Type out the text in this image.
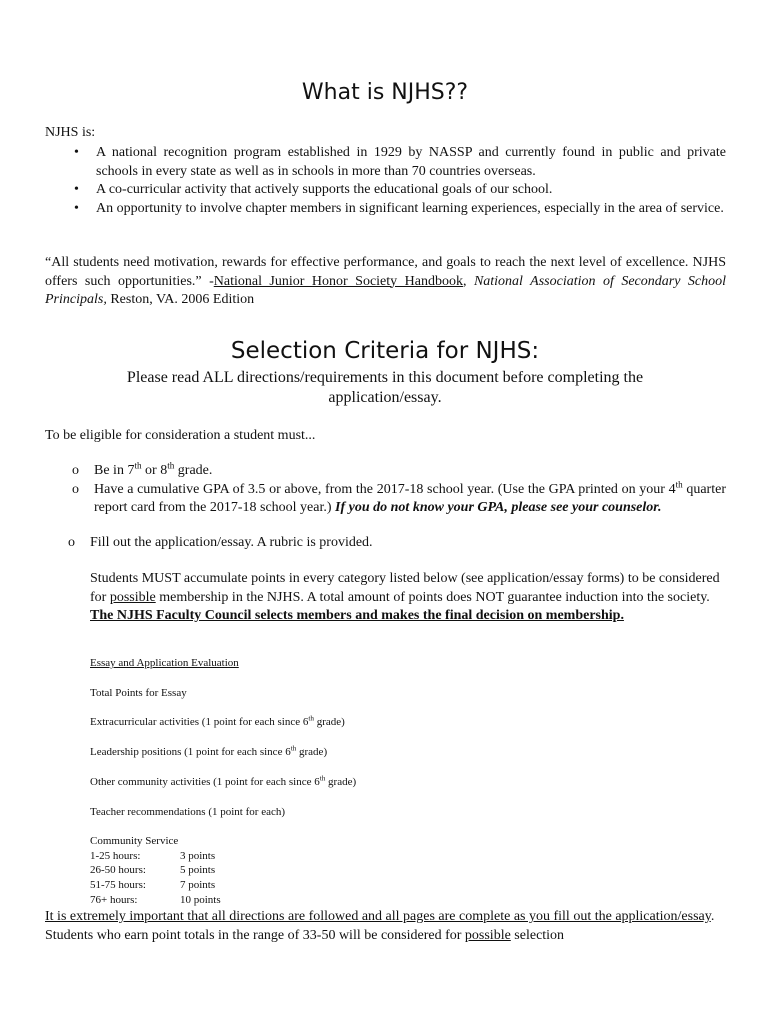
What is NJHS??
NJHS is:
• A national recognition program established in 1929 by NASSP and currently found in public and private schools in every state as well as in schools in more than 70 countries overseas.
• A co-curricular activity that actively supports the educational goals of our school.
• An opportunity to involve chapter members in significant learning experiences, especially in the area of service.
“All students need motivation, rewards for effective performance, and goals to reach the next level of excellence. NJHS offers such opportunities.” -National Junior Honor Society Handbook, National Association of Secondary School Principals, Reston, VA. 2006 Edition
Selection Criteria for NJHS:
Please read ALL directions/requirements in this document before completing the application/essay.
To be eligible for consideration a student must...
o Be in 7th or 8th grade.
o Have a cumulative GPA of 3.5 or above, from the 2017-18 school year. (Use the GPA printed on your 4th quarter report card from the 2017-18 school year.) If you do not know your GPA, please see your counselor.
o Fill out the application/essay. A rubric is provided.
Students MUST accumulate points in every category listed below (see application/essay forms) to be considered for possible membership in the NJHS. A total amount of points does NOT guarantee induction into the society. The NJHS Faculty Council selects members and makes the final decision on membership.
Essay and Application Evaluation
Total Points for Essay
Extracurricular activities (1 point for each since 6th grade)
Leadership positions (1 point for each since 6th grade)
Other community activities (1 point for each since 6th grade)
Teacher recommendations (1 point for each)
Community Service
1-25 hours:	3 points
26-50 hours:	5 points
51-75 hours:	7 points
76+ hours:	10 points
It is extremely important that all directions are followed and all pages are complete as you fill out the application/essay. Students who earn point totals in the range of 33-50 will be considered for possible selection
